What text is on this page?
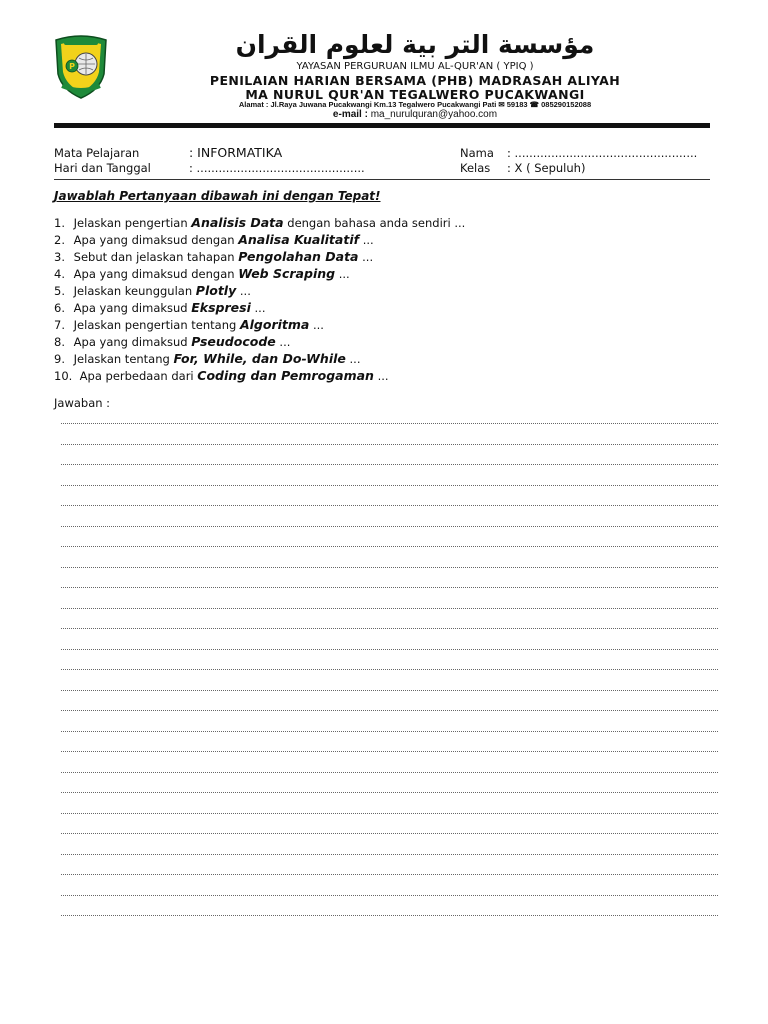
P
مؤسسة التر بية لعلوم القران
YAYASAN PERGURUAN ILMU AL-QUR'AN ( YPIQ )
PENILAIAN HARIAN BERSAMA (PHB) MADRASAH ALIYAH
MA NURUL QUR'AN TEGALWERO PUCAKWANGI
Alamat : Jl.Raya Juwana Pucakwangi Km.13 Tegalwero Pucakwangi Pati ✉ 59183 ☎ 085290152088
e-mail : ma_nurulquran@yahoo.com
Mata Pelajaran	: INFORMATIKA
Hari dan Tanggal	: ..............................................
Nama : ..................................................
Kelas : X ( Sepuluh)
Jawablah Pertanyaan dibawah ini dengan Tepat!
1. Jelaskan pengertian Analisis Data dengan bahasa anda sendiri ...
2. Apa yang dimaksud dengan Analisa Kualitatif ...
3. Sebut dan jelaskan tahapan Pengolahan Data ...
4. Apa yang dimaksud dengan Web Scraping ...
5. Jelaskan keunggulan Plotly ...
6. Apa yang dimaksud Ekspresi ...
7. Jelaskan pengertian tentang Algoritma ...
8. Apa yang dimaksud Pseudocode ...
9. Jelaskan tentang For, While, dan Do-While ...
10. Apa perbedaan dari Coding dan Pemrogaman ...
Jawaban :
